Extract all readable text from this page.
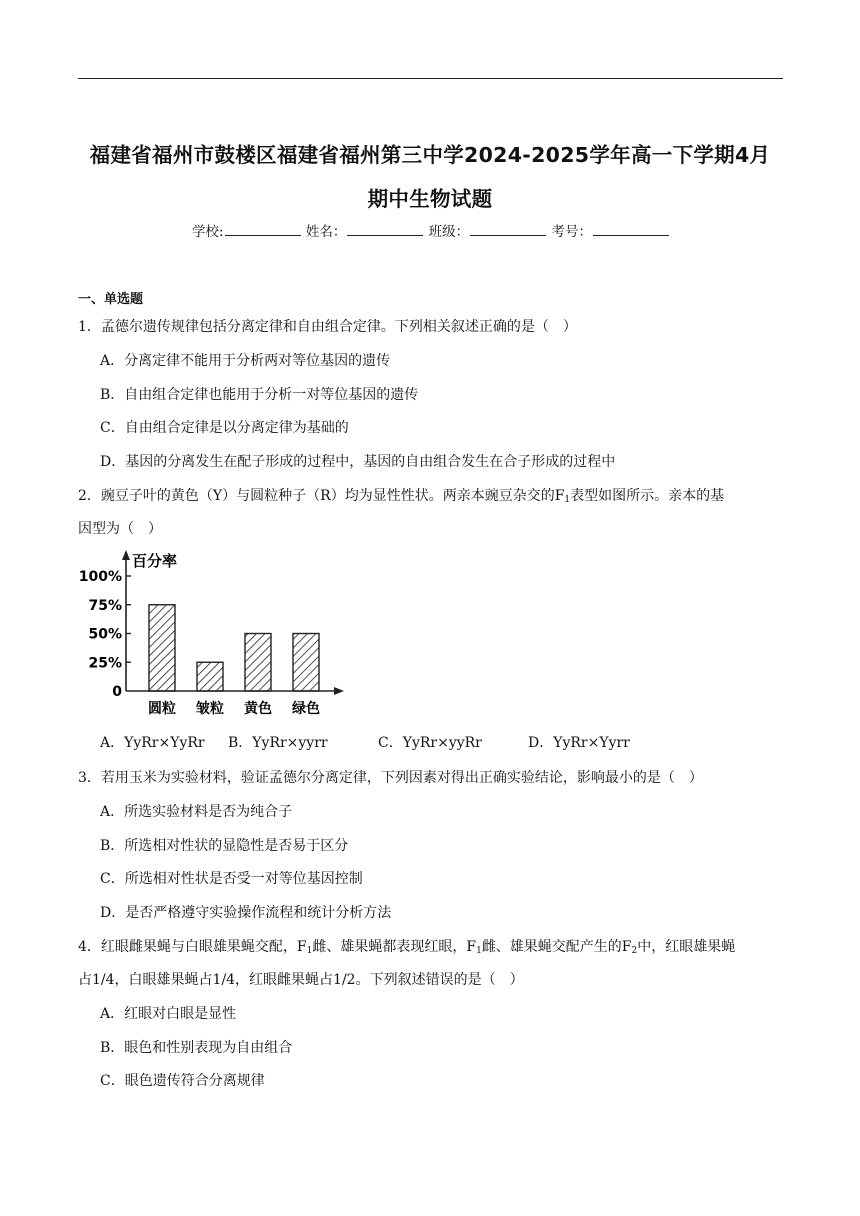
福建省福州市鼓楼区福建省福州第三中学2024-2025学年高一下学期4月
期中生物试题
学校:	姓名：	班级：	考号：
一、单选题
1．孟德尔遗传规律包括分离定律和自由组合定律。下列相关叙述正确的是（　）
A．分离定律不能用于分析两对等位基因的遗传
B．自由组合定律也能用于分析一对等位基因的遗传
C．自由组合定律是以分离定律为基础的
D．基因的分离发生在配子形成的过程中，基因的自由组合发生在合子形成的过程中
2．豌豆子叶的黄色（Y）与圆粒种子（R）均为显性性状。两亲本豌豆杂交的$F_1$表型如图所示。亲本的基
因型为（　）
百分率
0
25%
50%
75%
100%
圆粒 皱粒 黄色 绿色
A．YyRr×YyRr B．YyRr×yyrr	C．YyRr×yyRr	D．YyRr×Yyrr
3．若用玉米为实验材料，验证孟德尔分离定律，下列因素对得出正确实验结论，影响最小的是（　）
A．所选实验材料是否为纯合子
B．所选相对性状的显隐性是否易于区分
C．所选相对性状是否受一对等位基因控制
D．是否严格遵守实验操作流程和统计分析方法
4．红眼雌果蝇与白眼雄果蝇交配，$F_1$雌、雄果蝇都表现红眼，$F_1$雌、雄果蝇交配产生的$F_2$中，红眼雄果蝇
占1/4，白眼雄果蝇占1/4，红眼雌果蝇占1/2。下列叙述错误的是（　）
A．红眼对白眼是显性
B．眼色和性别表现为自由组合
C．眼色遗传符合分离规律
